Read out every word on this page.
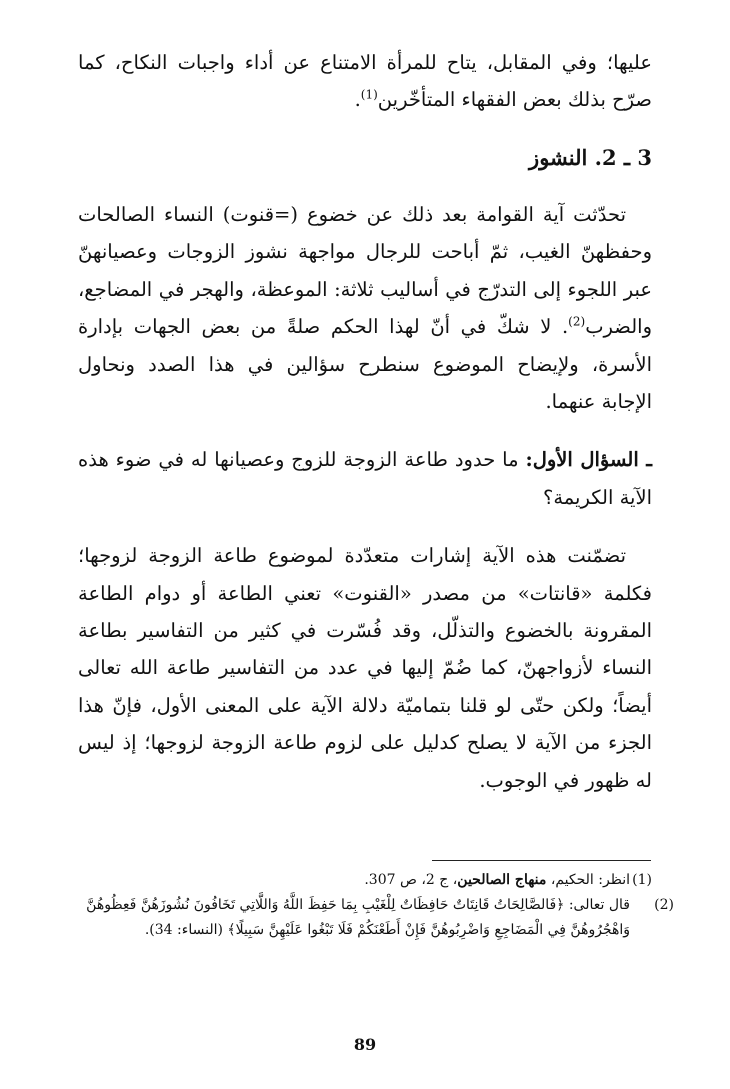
عليها؛ وفي المقابل، يتاح للمرأة الامتناع عن أداء واجبات النكاح، كما صرّح بذلك بعض الفقهاء المتأخّرين$^{(1)}$.

3 ـ 2. النشوز

تحدّثت آية القوامة بعد ذلك عن خضوع (=قنوت) النساء الصالحات وحفظهنّ الغيب، ثمّ أباحت للرجال مواجهة نشوز الزوجات وعصيانهنّ عبر اللجوء إلى التدرّج في أساليب ثلاثة: الموعظة، والهجر في المضاجع، والضرب$^{(2)}$. لا شكّ في أنّ لهذا الحكم صلةً من بعض الجهات بإدارة الأسرة، ولإيضاح الموضوع سنطرح سؤالين في هذا الصدد ونحاول الإجابة عنهما.

ـ السؤال الأول: ما حدود طاعة الزوجة للزوج وعصيانها له في ضوء هذه الآية الكريمة؟

تضمّنت هذه الآية إشارات متعدّدة لموضوع طاعة الزوجة لزوجها؛ فكلمة «قانتات» من مصدر «القنوت» تعني الطاعة أو دوام الطاعة المقرونة بالخضوع والتذلّل، وقد فُسّرت في كثير من التفاسير بطاعة النساء لأزواجهنّ، كما ضُمّ إليها في عدد من التفاسير طاعة الله تعالى أيضاً؛ ولكن حتّى لو قلنا بتماميّة دلالة الآية على المعنى الأول، فإنّ هذا الجزء من الآية لا يصلح كدليل على لزوم طاعة الزوجة لزوجها؛ إذ ليس له ظهور في الوجوب.

(1)انظر: الحكيم، منهاج الصالحين، ج 2، ص 307.

(2)قال تعالى: ﴿فَالصَّالِحَاتُ قَانِتَاتٌ حَافِظَاتٌ لِلْغَيْبِ بِمَا حَفِظَ اللَّهُ وَاللَّاتِي تَخَافُونَ نُشُوزَهُنَّ فَعِظُوهُنَّ وَاهْجُرُوهُنَّ فِي الْمَضَاجِعِ وَاضْرِبُوهُنَّ فَإِنْ أَطَعْنَكُمْ فَلَا تَبْغُوا عَلَيْهِنَّ سَبِيلًا﴾ (النساء: 34).

89
